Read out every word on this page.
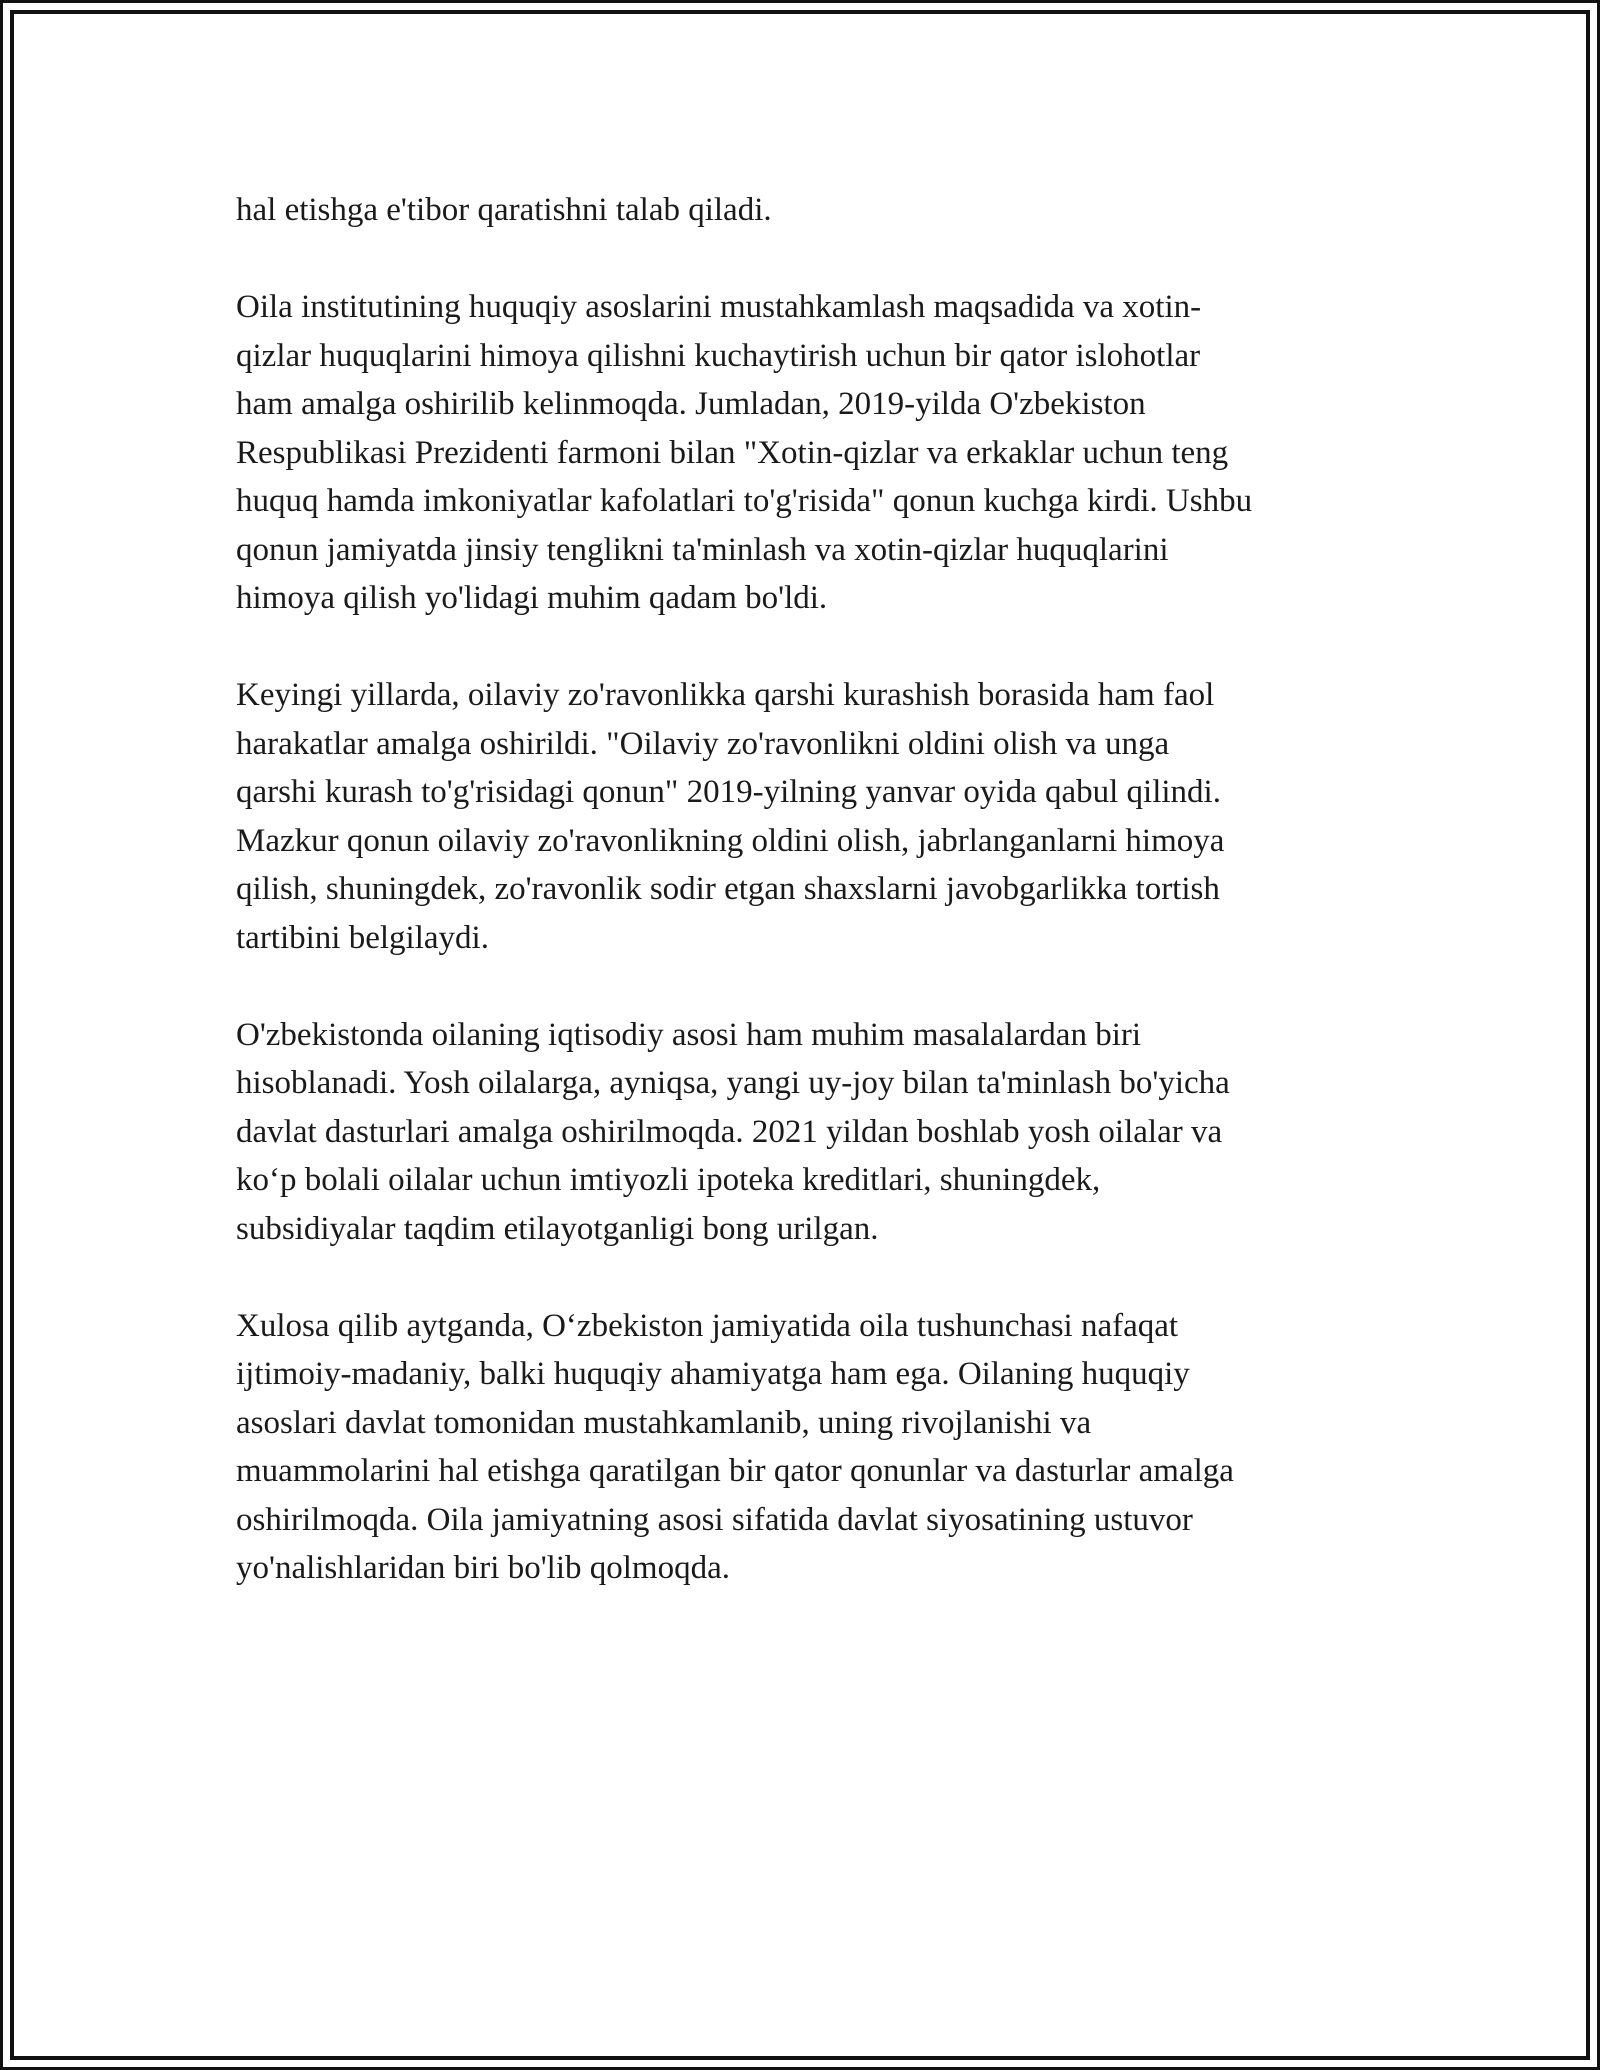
hal etishga e'tibor qaratishni talab qiladi.

Oila institutining huquqiy asoslarini mustahkamlash maqsadida va xotin-
qizlar huquqlarini himoya qilishni kuchaytirish uchun bir qator islohotlar
ham amalga oshirilib kelinmoqda. Jumladan, 2019-yilda O'zbekiston
Respublikasi Prezidenti farmoni bilan "Xotin-qizlar va erkaklar uchun teng
huquq hamda imkoniyatlar kafolatlari to'g'risida" qonun kuchga kirdi. Ushbu
qonun jamiyatda jinsiy tenglikni ta'minlash va xotin-qizlar huquqlarini
himoya qilish yo'lidagi muhim qadam bo'ldi.

Keyingi yillarda, oilaviy zo'ravonlikka qarshi kurashish borasida ham faol
harakatlar amalga oshirildi. "Oilaviy zo'ravonlikni oldini olish va unga
qarshi kurash to'g'risidagi qonun" 2019-yilning yanvar oyida qabul qilindi.
Mazkur qonun oilaviy zo'ravonlikning oldini olish, jabrlanganlarni himoya
qilish, shuningdek, zo'ravonlik sodir etgan shaxslarni javobgarlikka tortish
tartibini belgilaydi.

O'zbekistonda oilaning iqtisodiy asosi ham muhim masalalardan biri
hisoblanadi. Yosh oilalarga, ayniqsa, yangi uy-joy bilan ta'minlash bo'yicha
davlat dasturlari amalga oshirilmoqda. 2021 yildan boshlab yosh oilalar va
ko‘p bolali oilalar uchun imtiyozli ipoteka kreditlari, shuningdek,
subsidiyalar taqdim etilayotganligi bong urilgan.

Xulosa qilib aytganda, O‘zbekiston jamiyatida oila tushunchasi nafaqat
ijtimoiy-madaniy, balki huquqiy ahamiyatga ham ega. Oilaning huquqiy
asoslari davlat tomonidan mustahkamlanib, uning rivojlanishi va
muammolarini hal etishga qaratilgan bir qator qonunlar va dasturlar amalga
oshirilmoqda. Oila jamiyatning asosi sifatida davlat siyosatining ustuvor
yo'nalishlaridan biri bo'lib qolmoqda.
